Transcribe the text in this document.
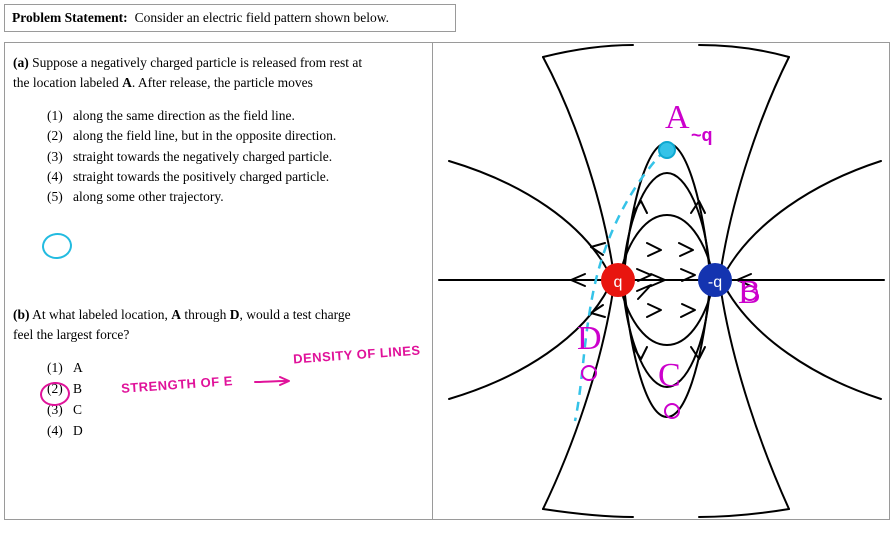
Problem Statement: Consider an electric field pattern shown below.
(a) Suppose a negatively charged particle is released from rest at
the location labeled A. After release, the particle moves
(1) along the same direction as the field line.
(2) along the field line, but in the opposite direction.
(3) straight towards the negatively charged particle.
(4) straight towards the positively charged particle.
(5) along some other trajectory.
(b) At what labeled location, A through D, would a test charge
feel the largest force?
(1) A
(2) B
(3) C
(4) D
STRENGTH OF E
DENSITY OF LINES
q	-q
A
B
C
D
~q
